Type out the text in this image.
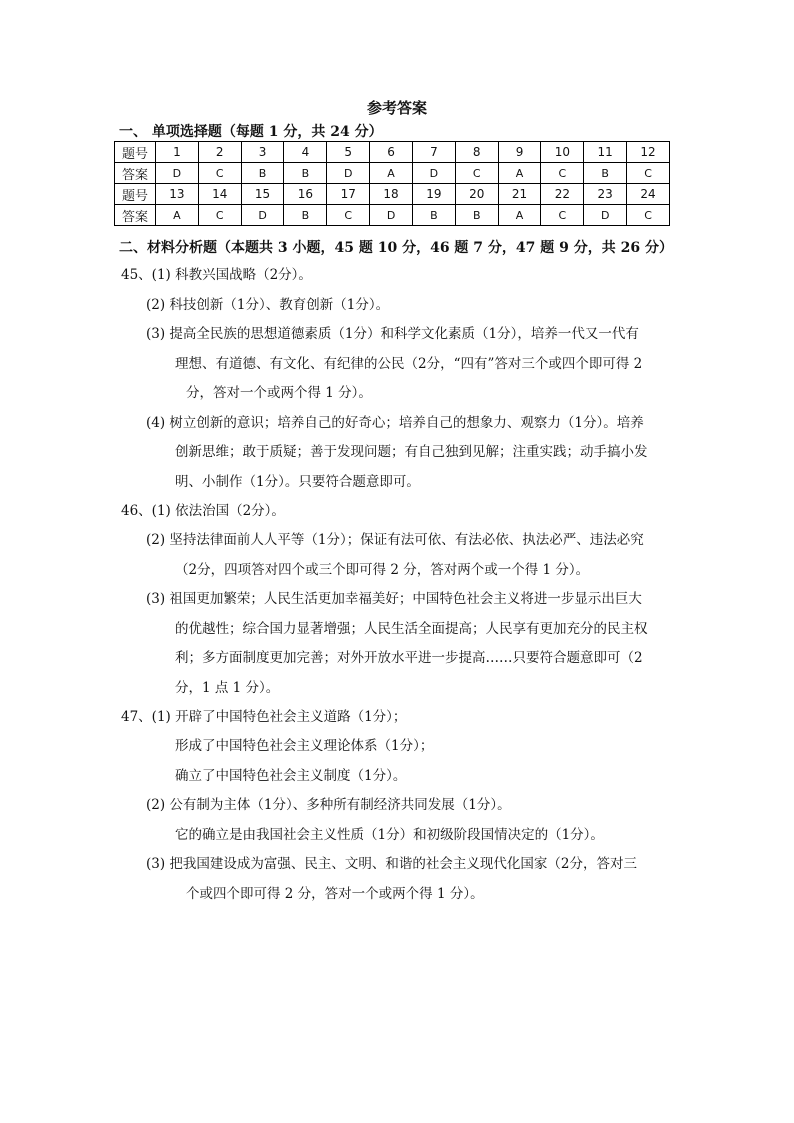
参考答案
一、 单项选择题（每题 1 分，共 24 分）
题号	1	2	3	4	5	6	7	8	9	10	11	12
答案	D	C	B	B	D	A	D	C	A	C	B	C
题号	13	14	15	16	17	18	19	20	21	22	23	24
答案	A	C	D	B	C	D	B	B	A	C	D	C
二、材料分析题（本题共 3 小题，45 题 10 分，46 题 7 分，47 题 9 分，共 26 分）
45、(1) 科教兴国战略（2分）。
(2) 科技创新（1分）、教育创新（1分）。
(3) 提高全民族的思想道德素质（1分）和科学文化素质（1分），培养一代又一代有
理想、有道德、有文化、有纪律的公民（2分，“四有”答对三个或四个即可得 2
分，答对一个或两个得 1 分）。
(4) 树立创新的意识；培养自己的好奇心；培养自己的想象力、观察力（1分）。培养
创新思维；敢于质疑；善于发现问题；有自己独到见解；注重实践；动手搞小发
明、小制作（1分）。只要符合题意即可。
46、(1) 依法治国（2分）。
(2) 坚持法律面前人人平等（1分）；保证有法可依、有法必依、执法必严、违法必究
（2分，四项答对四个或三个即可得 2 分，答对两个或一个得 1 分）。
(3) 祖国更加繁荣；人民生活更加幸福美好；中国特色社会主义将进一步显示出巨大
的优越性；综合国力显著增强；人民生活全面提高；人民享有更加充分的民主权
利；多方面制度更加完善；对外开放水平进一步提高……只要符合题意即可（2
分，1 点 1 分）。
47、(1) 开辟了中国特色社会主义道路（1分）；
形成了中国特色社会主义理论体系（1分）；
确立了中国特色社会主义制度（1分）。
(2) 公有制为主体（1分）、多种所有制经济共同发展（1分）。
它的确立是由我国社会主义性质（1分）和初级阶段国情决定的（1分）。
(3) 把我国建设成为富强、民主、文明、和谐的社会主义现代化国家（2分，答对三
个或四个即可得 2 分，答对一个或两个得 1 分）。
